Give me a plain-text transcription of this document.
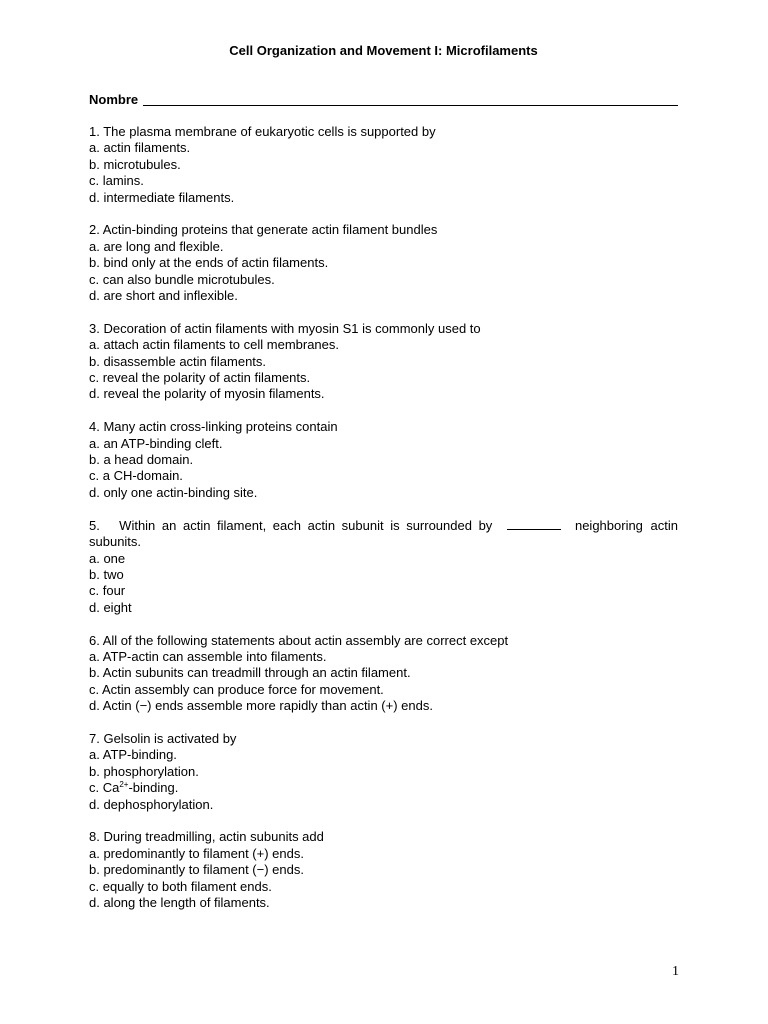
Cell Organization and Movement I: Microfilaments
Nombre

1. The plasma membrane of eukaryotic cells is supported by

a. actin filaments.

b. microtubules.

c. lamins.

d. intermediate filaments.

2. Actin-binding proteins that generate actin filament bundles

a. are long and flexible.

b. bind only at the ends of actin filaments.

c. can also bundle microtubules.

d. are short and inflexible.

3. Decoration of actin filaments with myosin S1 is commonly used to

a. attach actin filaments to cell membranes.

b. disassemble actin filaments.

c. reveal the polarity of actin filaments.

d. reveal the polarity of myosin filaments.

4. Many actin cross-linking proteins contain

a. an ATP-binding cleft.

b. a head domain.

c. a CH-domain.

d. only one actin-binding site.

5. Within an actin filament, each actin subunit is surrounded by	neighboring actin

subunits.

a. one

b. two

c. four

d. eight

6. All of the following statements about actin assembly are correct except

a. ATP-actin can assemble into filaments.

b. Actin subunits can treadmill through an actin filament.

c. Actin assembly can produce force for movement.

d. Actin (−) ends assemble more rapidly than actin (+) ends.

7. Gelsolin is activated by

a. ATP-binding.

b. phosphorylation.

c. $Ca^{2+}$-binding.

d. dephosphorylation.

8. During treadmilling, actin subunits add

a. predominantly to filament (+) ends.

b. predominantly to filament (−) ends.

c. equally to both filament ends.

d. along the length of filaments.

1
